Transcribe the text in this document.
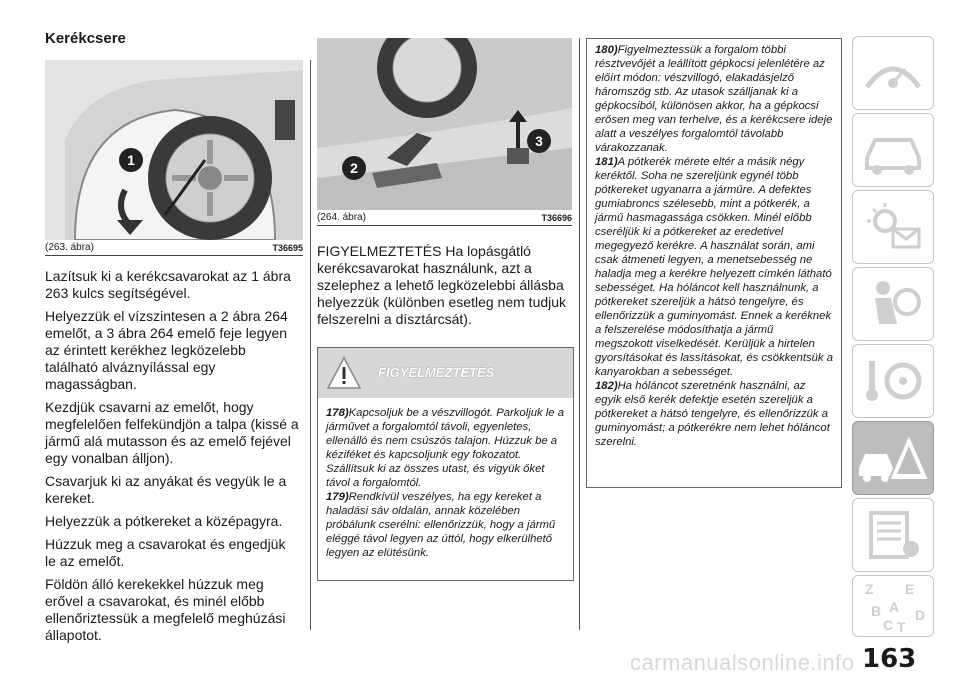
Kerékcsere
1
(263. ábra)	T36695

Lazítsuk ki a kerékcsavarokat az 1 ábra 263 kulcs segítségével.

Helyezzük el vízszintesen a 2 ábra 264 emelőt, a 3 ábra 264 emelő feje legyen az érintett kerékhez legközelebb található alváznyílással egy magasságban.

Kezdjük csavarni az emelőt, hogy megfelelően felfekündjön a talpa (kissé a jármű alá mutasson és az emelő fejével egy vonalban álljon).

Csavarjuk ki az anyákat és vegyük le a kereket.

Helyezzük a pótkereket a középagyra.

Húzzuk meg a csavarokat és engedjük le az emelőt.

Földön álló kerekekkel húzzuk meg erővel a csavarokat, és minél előbb ellenőriztessük a megfelelő meghúzási állapotot.

2
3
(264. ábra)	T36696

FIGYELMEZTETÉS Ha lopásgátló kerékcsavarokat használunk, azt a szelephez a lehető legközelebbi állásba helyezzük (különben esetleg nem tudjuk felszerelni a dísztárcsát).

FIGYELMEZTETÉS

178)Kapcsoljuk be a vészvillogót. Parkoljuk le a járművet a forgalomtól távoli, egyenletes, ellenálló és nem csúszós talajon. Húzzuk be a kéziféket és kapcsoljunk egy fokozatot. Szállítsuk ki az összes utast, és vigyük őket távol a forgalomtól.

179)Rendkívül veszélyes, ha egy kereket a haladási sáv oldalán, annak közelében próbálunk cserélni: ellenőrizzük, hogy a jármű eléggé távol legyen az úttól, hogy elkerülhető legyen az elütésünk.

180)Figyelmeztessük a forgalom többi résztvevőjét a leállított gépkocsi jelenlétére az előírt módon: vészvillogó, elakadásjelző háromszög stb. Az utasok szálljanak ki a gépkocsiból, különösen akkor, ha a gépkocsi erősen meg van terhelve, és a kerékcsere ideje alatt a veszélyes forgalomtól távolabb várakozzanak.

181)A pótkerék mérete eltér a másik négy keréktől. Soha ne szereljünk egynél több pótkereket ugyanarra a járműre. A defektes gumiabroncs szélesebb, mint a pótkerék, a jármű hasmagassága csökken. Minél előbb cseréljük ki a pótkereket az eredetivel megegyező kerékre. A használat során, ami csak átmeneti legyen, a menetsebesség ne haladja meg a kerékre helyezett címkén látható sebességet. Ha hóláncot kell használnunk, a pótkereket szereljük a hátsó tengelyre, és ellenőrizzük a guminyomást. Ennek a keréknek a felszerelése módosíthatja a jármű megszokott viselkedését. Kerüljük a hirtelen gyorsításokat és lassításokat, és csökkentsük a kanyarokban a sebességet.

182)Ha hóláncot szeretnénk használni, az egyik első kerék defektje esetén szereljük a pótkereket a hátsó tengelyre, és ellenőrizzük a guminyomást; a pótkerékre nem lehet hóláncot szerelni.

Z E
B A
C
D
T
163
carmanualsonline.info
